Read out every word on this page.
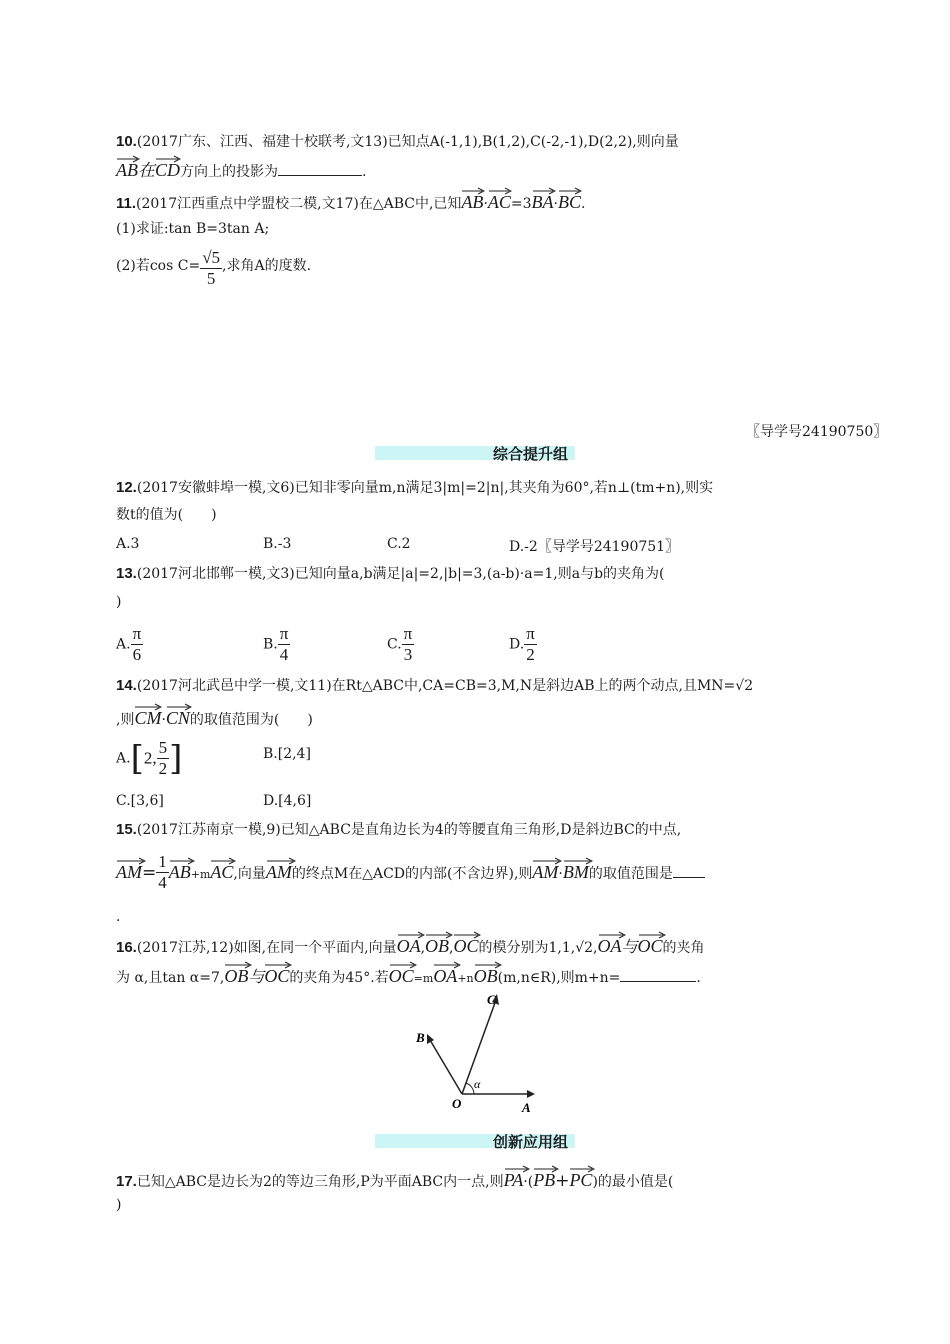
10.(2017广东、江西、福建十校联考,文13)已知点A(-1,1),B(1,2),C(-2,-1),D(2,2),则向量
AB在
CD方向上的投影为	.
11.(2017江西重点中学盟校二模,文17)在△ABC中,已知
AB·
AC=3
BA·
BC.
(1)求证:tan B=3tan A;
(2)若$\cos C= \frac{√5}{5}$ ,求角A的度数.
〖导学号24190750〗
综合提升组
12.(2017安徽蚌埠一模,文6)已知非零向量m,n满足3|m|=2|n|,其夹角为60°,若n⊥(tm+n),则实
数t的值为(　　)
A.3	B.-3	C.2	D.-2〖导学号24190751〗
13.(2017河北邯郸一模,文3)已知向量a,b满足|a|=2,|b|=3,(a-b)·a=1,则a与b的夹角为(
)
A. $\frac{\pi}{6}$	B. $\frac{\pi}{4}$	C. $\frac{\pi}{3}$	D. $\frac{\pi}{2}$
14.(2017河北武邑中学一模,文11)在Rt△ABC中,CA=CB=3,M,N是斜边AB上的两个动点,且MN=√2
,则
CM·
CN的取值范围为(　　)
A.[2, $\frac{5}{2}$ ]	B.[2,4]
C.[3,6]	D.[4,6]
15.(2017江苏南京一模,9)已知△ABC是直角边长为4的等腰直角三角形,D是斜边BC的中点,
$AM= \frac{1}{4} AB+m$
AC,向量
AM的终点M在△ACD的内部(不含边界),则
AM·
BM的取值范围是
.
16.(2017江苏,12)如图,在同一个平面内,向量
OA,
OB,
OC的模分别为1,1,√2,
OA与
OC的夹角
为 α,且tan α=7,
OB与
OC的夹角为45°.若
OC=m
OA+n
OB(m,n∈R),则m+n=	.
C
B
O	A
α
创新应用组
17.已知△ABC是边长为2的等边三角形,P为平面ABC内一点,则
PA·(
PB+
PC)的最小值是(
)
